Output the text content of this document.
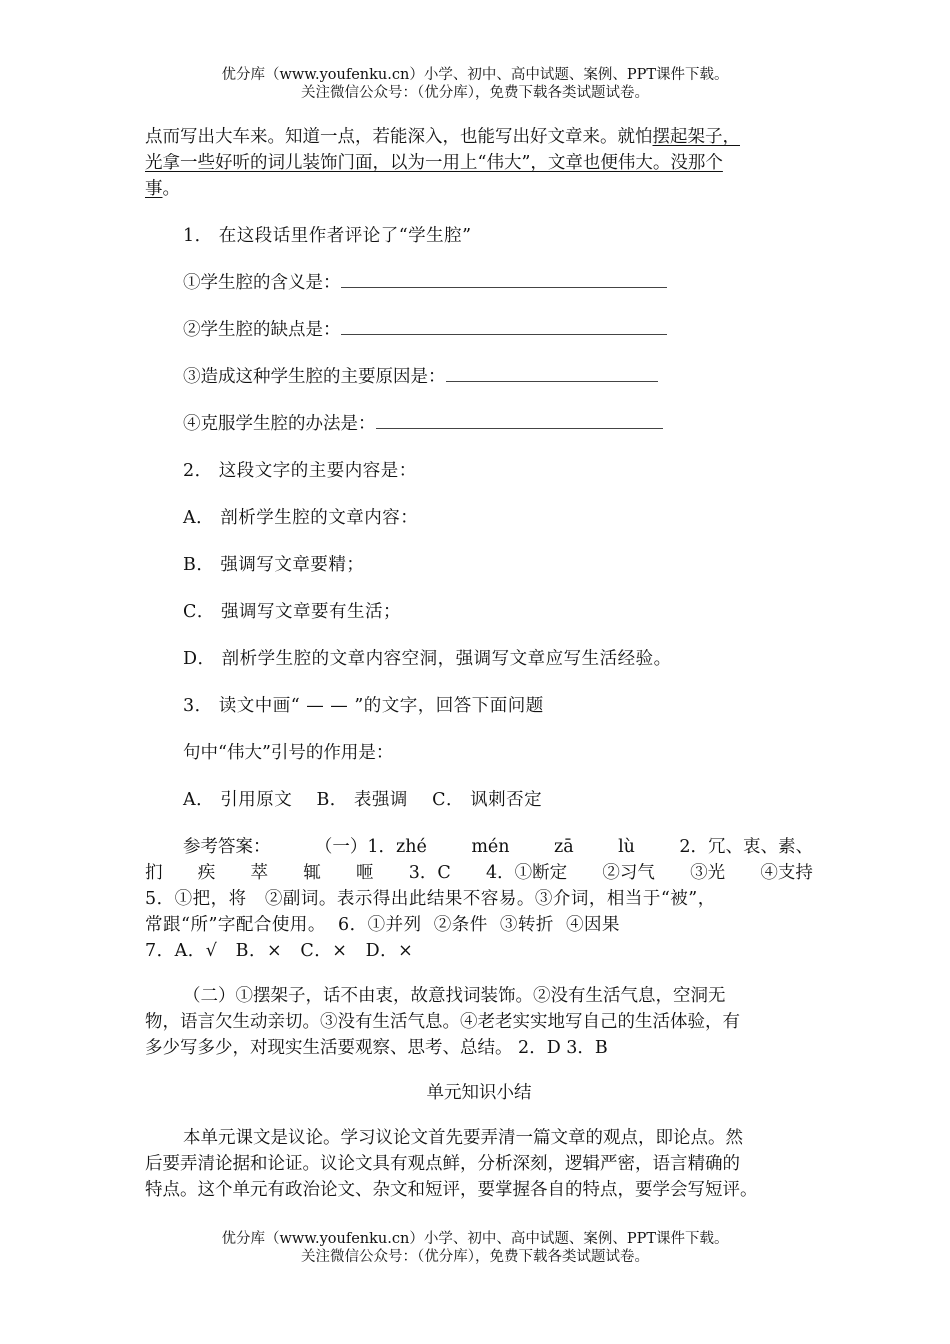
优分库（www.youfenku.cn）小学、初中、高中试题、案例、PPT课件下载。
关注微信公众号：（优分库），免费下载各类试题试卷。

点而写出大车来。知道一点，若能深入，也能写出好文章来。就怕摆起架子，

光拿一些好听的词儿装饰门面，以为一用上“伟大”，文章也便伟大。没那个

事。

1． 在这段话里作者评论了“学生腔”

①学生腔的含义是：

②学生腔的缺点是：

③造成这种学生腔的主要原因是：

④克服学生腔的办法是：

2． 这段文字的主要内容是：

A． 剖析学生腔的文章内容：

B． 强调写文章要精；

C． 强调写文章要有生活；

D． 剖析学生腔的文章内容空洞，强调写文章应写生活经验。

3． 读文中画“ — — ”的文字，回答下面问题

句中“伟大”引号的作用是：

A． 引用原文    B． 表强调    C． 讽刺否定

参考答案：	（一）1．zhé	mén	zā	lù	2．冗、衷、素、

扪 疾 萃 辄 咂 3．C 4．①断定 ②习气 ③光 ④支持

5．①把，将   ②副词。表示得出此结果不容易。③介词，相当于“被”，

常跟“所”字配合使用。  6．①并列  ②条件  ③转折  ④因果

7．A．√   B．×   C．×   D．×

（二）①摆架子，话不由衷，故意找词装饰。②没有生活气息，空洞无

物，语言欠生动亲切。③没有生活气息。④老老实实地写自己的生活体验，有

多少写多少，对现实生活要观察、思考、总结。 2．D 3．B

单元知识小结

本单元课文是议论。学习议论文首先要弄清一篇文章的观点，即论点。然

后要弄清论据和论证。议论文具有观点鲜，分析深刻，逻辑严密，语言精确的

特点。这个单元有政治论文、杂文和短评，要掌握各自的特点，要学会写短评。

优分库（www.youfenku.cn）小学、初中、高中试题、案例、PPT课件下载。
关注微信公众号：（优分库），免费下载各类试题试卷。
